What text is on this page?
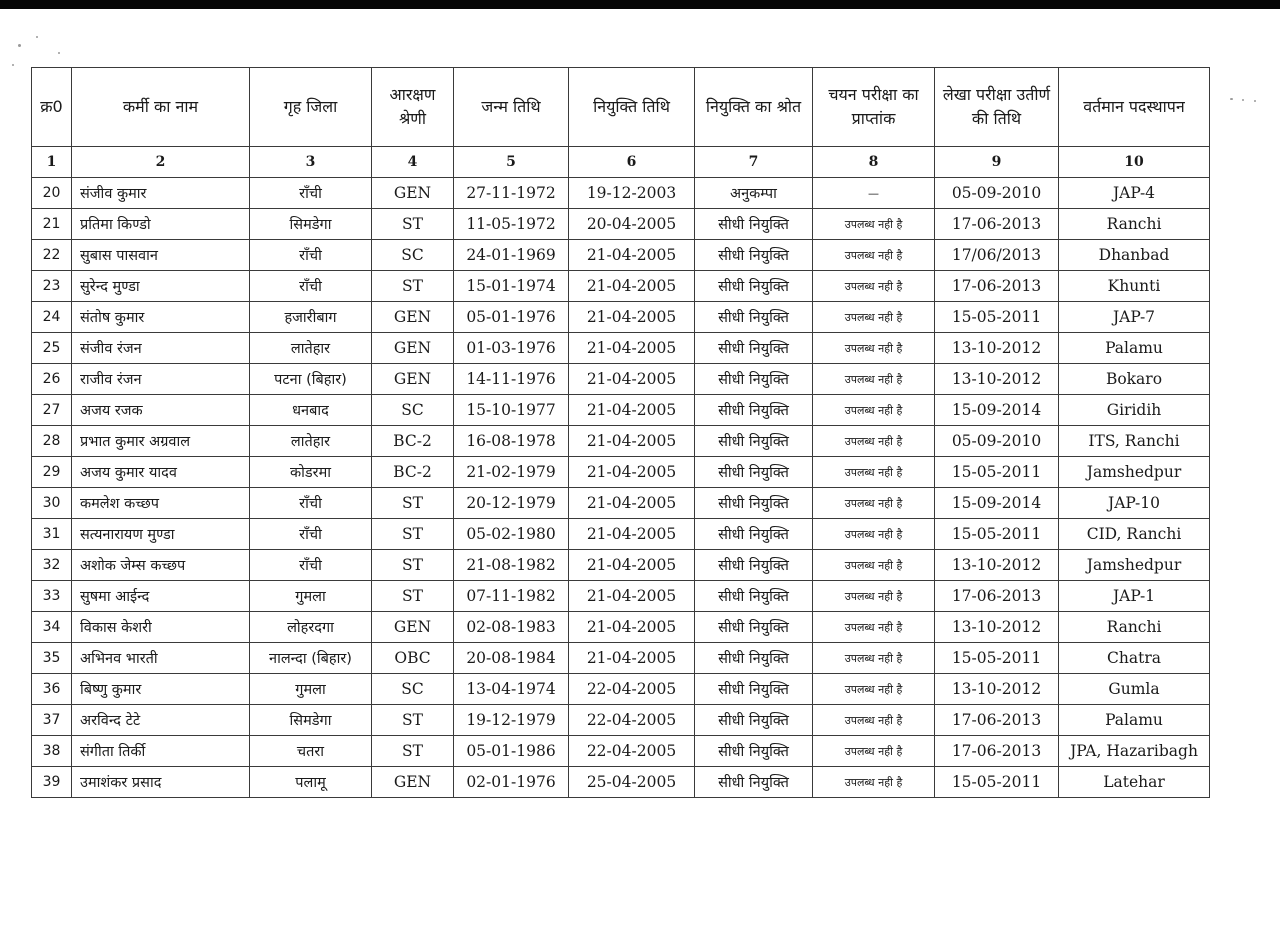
क्र0	कर्मी का नाम	गृह जिला	आरक्षण श्रेणी	जन्म तिथि	नियुक्ति तिथि	नियुक्ति का श्रोत	चयन परीक्षा का प्राप्तांक	लेखा परीक्षा उतीर्ण की तिथि	वर्तमान पदस्थापन
1	2	3	4	5	6	7	8	9	10
20	संजीव कुमार	राँची	GEN	27-11-1972	19-12-2003	अनुकम्पा	—	05-09-2010	JAP-4
21	प्रतिमा किण्डो	सिमडेगा	ST	11-05-1972	20-04-2005	सीधी नियुक्ति	उपलब्ध नही है	17-06-2013	Ranchi
22	सुबास पासवान	राँची	SC	24-01-1969	21-04-2005	सीधी नियुक्ति	उपलब्ध नही है	17/06/2013	Dhanbad
23	सुरेन्द मुण्डा	राँची	ST	15-01-1974	21-04-2005	सीधी नियुक्ति	उपलब्ध नही है	17-06-2013	Khunti
24	संतोष कुमार	हजारीबाग	GEN	05-01-1976	21-04-2005	सीधी नियुक्ति	उपलब्ध नही है	15-05-2011	JAP-7
25	संजीव रंजन	लातेहार	GEN	01-03-1976	21-04-2005	सीधी नियुक्ति	उपलब्ध नही है	13-10-2012	Palamu
26	राजीव रंजन	पटना (बिहार)	GEN	14-11-1976	21-04-2005	सीधी नियुक्ति	उपलब्ध नही है	13-10-2012	Bokaro
27	अजय रजक	धनबाद	SC	15-10-1977	21-04-2005	सीधी नियुक्ति	उपलब्ध नही है	15-09-2014	Giridih
28	प्रभात कुमार अग्रवाल	लातेहार	BC-2	16-08-1978	21-04-2005	सीधी नियुक्ति	उपलब्ध नही है	05-09-2010	ITS, Ranchi
29	अजय कुमार यादव	कोडरमा	BC-2	21-02-1979	21-04-2005	सीधी नियुक्ति	उपलब्ध नही है	15-05-2011	Jamshedpur
30	कमलेश कच्छप	राँची	ST	20-12-1979	21-04-2005	सीधी नियुक्ति	उपलब्ध नही है	15-09-2014	JAP-10
31	सत्यनारायण मुण्डा	राँची	ST	05-02-1980	21-04-2005	सीधी नियुक्ति	उपलब्ध नही है	15-05-2011	CID, Ranchi
32	अशोक जेम्स कच्छप	राँची	ST	21-08-1982	21-04-2005	सीधी नियुक्ति	उपलब्ध नही है	13-10-2012	Jamshedpur
33	सुषमा आईन्द	गुमला	ST	07-11-1982	21-04-2005	सीधी नियुक्ति	उपलब्ध नही है	17-06-2013	JAP-1
34	विकास केशरी	लोहरदगा	GEN	02-08-1983	21-04-2005	सीधी नियुक्ति	उपलब्ध नही है	13-10-2012	Ranchi
35	अभिनव भारती	नालन्दा (बिहार)	OBC	20-08-1984	21-04-2005	सीधी नियुक्ति	उपलब्ध नही है	15-05-2011	Chatra
36	बिष्णु कुमार	गुमला	SC	13-04-1974	22-04-2005	सीधी नियुक्ति	उपलब्ध नही है	13-10-2012	Gumla
37	अरविन्द टेटे	सिमडेगा	ST	19-12-1979	22-04-2005	सीधी नियुक्ति	उपलब्ध नही है	17-06-2013	Palamu
38	संगीता तिर्की	चतरा	ST	05-01-1986	22-04-2005	सीधी नियुक्ति	उपलब्ध नही है	17-06-2013	JPA, Hazaribagh
39	उमाशंकर प्रसाद	पलामू	GEN	02-01-1976	25-04-2005	सीधी नियुक्ति	उपलब्ध नही है	15-05-2011	Latehar
